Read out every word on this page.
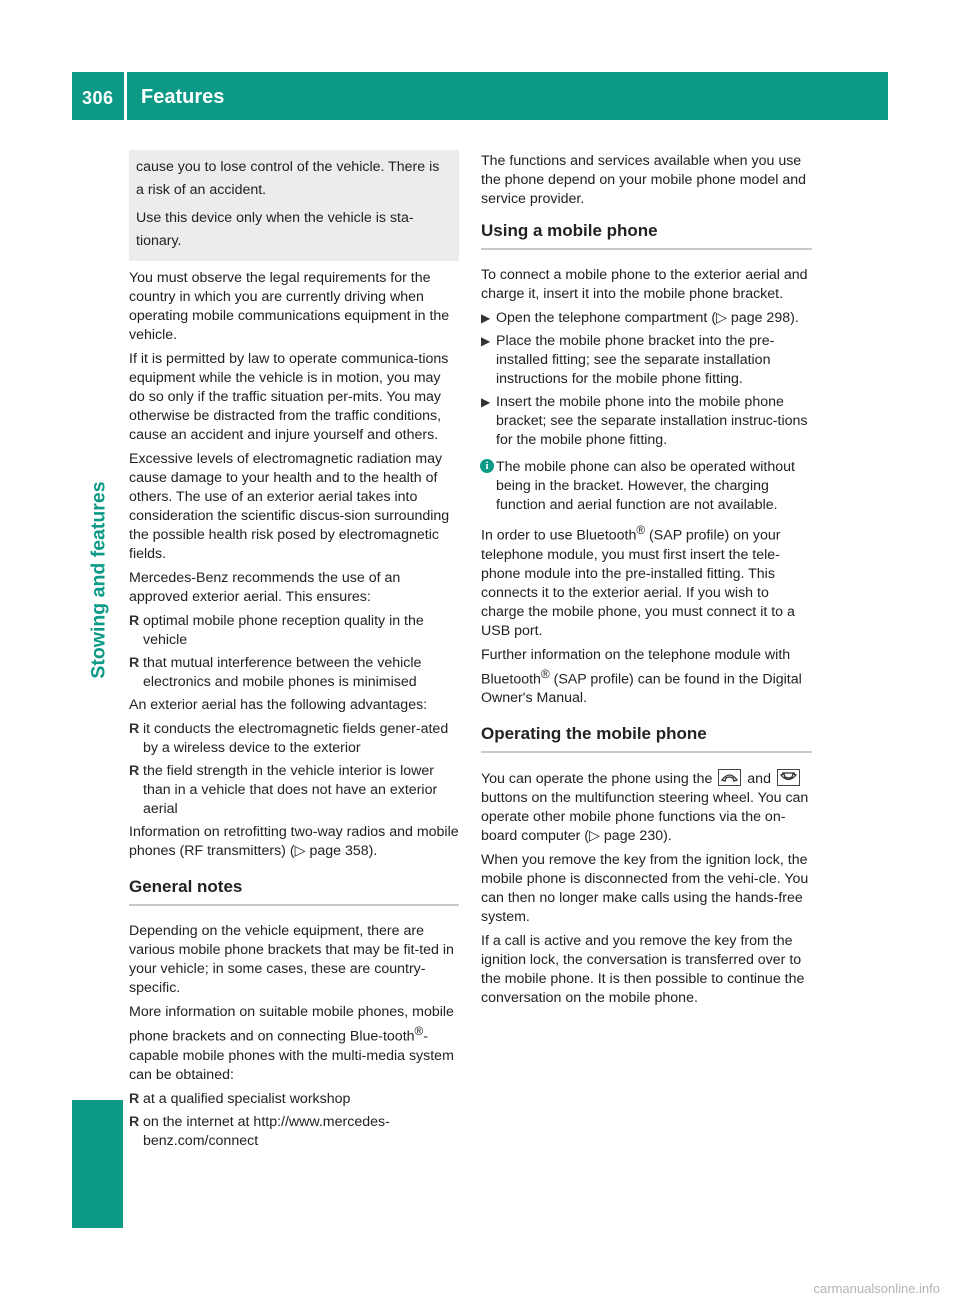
306 Features
Stowing and features

cause you to lose control of the vehicle. There is a risk of an accident.

Use this device only when the vehicle is sta-tionary.

You must observe the legal requirements for the country in which you are currently driving when operating mobile communications equipment in the vehicle.

If it is permitted by law to operate communica-tions equipment while the vehicle is in motion, you may do so only if the traffic situation per-mits. You may otherwise be distracted from the traffic conditions, cause an accident and injure yourself and others.

Excessive levels of electromagnetic radiation may cause damage to your health and to the health of others. The use of an exterior aerial takes into consideration the scientific discus-sion surrounding the possible health risk posed by electromagnetic fields.

Mercedes-Benz recommends the use of an approved exterior aerial. This ensures:

R optimal mobile phone reception quality in the vehicle
R that mutual interference between the vehicle electronics and mobile phones is minimised

An exterior aerial has the following advantages:

R it conducts the electromagnetic fields gener-ated by a wireless device to the exterior
R the field strength in the vehicle interior is lower than in a vehicle that does not have an exterior aerial

Information on retrofitting two-way radios and mobile phones (RF transmitters) (▷ page 358).

General notes

Depending on the vehicle equipment, there are various mobile phone brackets that may be fit-ted in your vehicle; in some cases, these are country-specific.

More information on suitable mobile phones, mobile phone brackets and on connecting Blue-tooth®-capable mobile phones with the multi-media system can be obtained:

R at a qualified specialist workshop
R on the internet at http://www.mercedes-benz.com/connect

The functions and services available when you use the phone depend on your mobile phone model and service provider.

Using a mobile phone

To connect a mobile phone to the exterior aerial and charge it, insert it into the mobile phone bracket.

▶ Open the telephone compartment (▷ page 298).
▶ Place the mobile phone bracket into the pre-installed fitting; see the separate installation instructions for the mobile phone fitting.
▶ Insert the mobile phone into the mobile phone bracket; see the separate installation instruc-tions for the mobile phone fitting.
i The mobile phone can also be operated without being in the bracket. However, the charging function and aerial function are not available.

In order to use Bluetooth® (SAP profile) on your telephone module, you must first insert the tele-phone module into the pre-installed fitting. This connects it to the exterior aerial. If you wish to charge the mobile phone, you must connect it to a USB port.

Further information on the telephone module with Bluetooth® (SAP profile) can be found in the Digital Owner's Manual.

Operating the mobile phone

You can operate the phone using the
and
buttons on the multifunction steering wheel. You can operate other mobile phone functions via the on-board computer (▷ page 230).

When you remove the key from the ignition lock, the mobile phone is disconnected from the vehi-cle. You can then no longer make calls using the hands-free system.

If a call is active and you remove the key from the ignition lock, the conversation is transferred over to the mobile phone. It is then possible to continue the conversation on the mobile phone.

carmanualsonline.info
